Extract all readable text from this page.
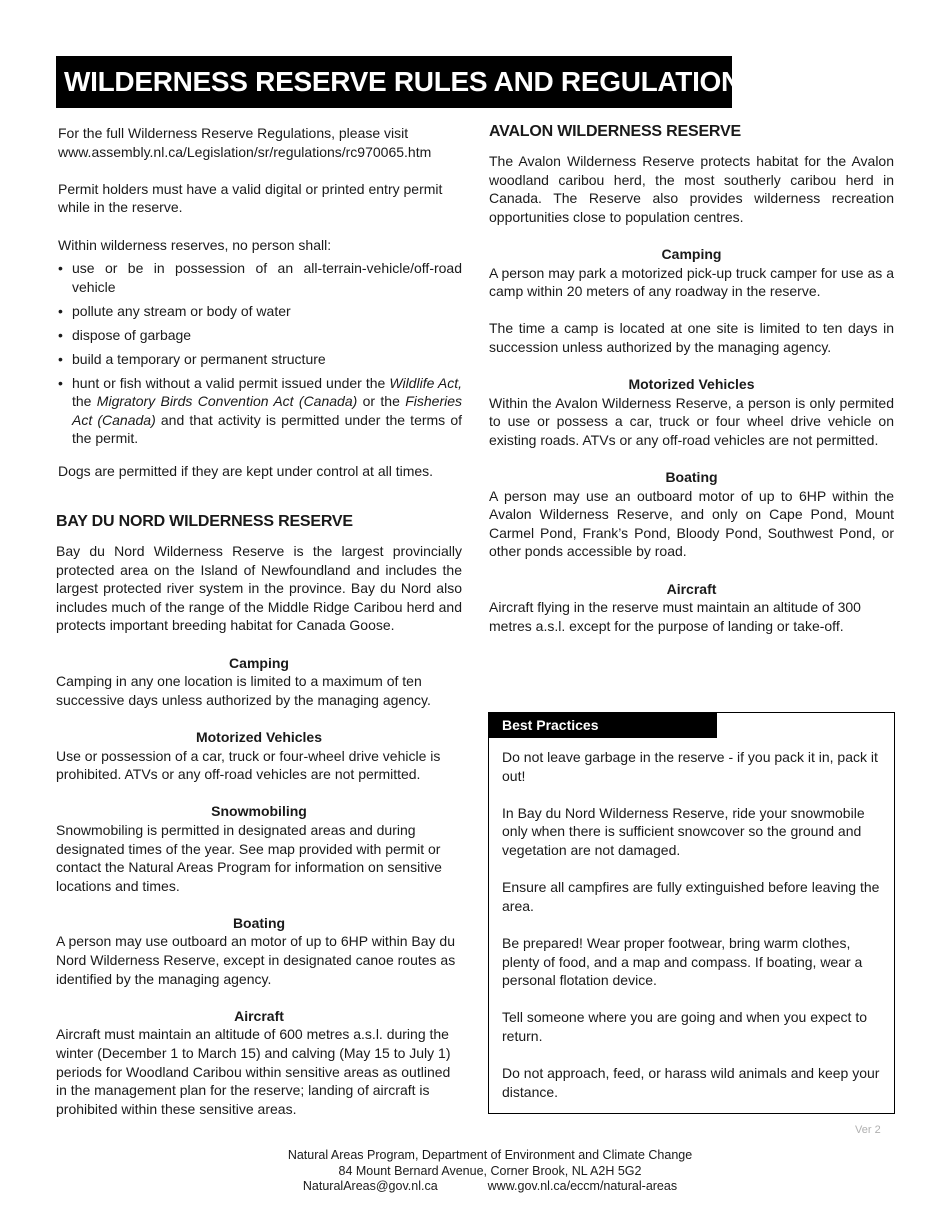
WILDERNESS RESERVE RULES AND REGULATIONS

For the full Wilderness Reserve Regulations, please visit
www.assembly.nl.ca/Legislation/sr/regulations/rc970065.htm

Permit holders must have a valid digital or printed entry permit while in the reserve.

Within wilderness reserves, no person shall:

• use or be in possession of an all-terrain-vehicle/off-road vehicle
• pollute any stream or body of water
• dispose of garbage
• build a temporary or permanent structure
• hunt or fish without a valid permit issued under the Wildlife Act, the Migratory Birds Convention Act (Canada) or the Fisheries Act (Canada) and that activity is permitted under the terms of the permit.

Dogs are permitted if they are kept under control at all times.

BAY DU NORD WILDERNESS RESERVE

Bay du Nord Wilderness Reserve is the largest provincially protected area on the Island of Newfoundland and includes the largest protected river system in the province. Bay du Nord also includes much of the range of the Middle Ridge Caribou herd and protects important breeding habitat for Canada Goose.

Camping

Camping in any one location is limited to a maximum of ten successive days unless authorized by the managing agency.

Motorized Vehicles

Use or possession of a car, truck or four-wheel drive vehicle is prohibited. ATVs or any off-road vehicles are not permitted.

Snowmobiling

Snowmobiling is permitted in designated areas and during designated times of the year. See map provided with permit or contact the Natural Areas Program for information on sensitive locations and times.

Boating

A person may use outboard an motor of up to 6HP within Bay du Nord Wilderness Reserve, except in designated canoe routes as identified by the managing agency.

Aircraft

Aircraft must maintain an altitude of 600 metres a.s.l. during the winter (December 1 to March 15) and calving (May 15 to July 1) periods for Woodland Caribou within sensitive areas as outlined in the management plan for the reserve; landing of aircraft is prohibited within these sensitive areas.

AVALON WILDERNESS RESERVE

The Avalon Wilderness Reserve protects habitat for the Avalon woodland caribou herd, the most southerly caribou herd in Canada. The Reserve also provides wilderness recreation opportunities close to population centres.

Camping

A person may park a motorized pick-up truck camper for use as a camp within 20 meters of any roadway in the reserve.

The time a camp is located at one site is limited to ten days in succession unless authorized by the managing agency.

Motorized Vehicles

Within the Avalon Wilderness Reserve, a person is only permited to use or possess a car, truck or four wheel drive vehicle on existing roads. ATVs or any off-road vehicles are not permitted.

Boating

A person may use an outboard motor of up to 6HP within the Avalon Wilderness Reserve, and only on Cape Pond, Mount Carmel Pond, Frank’s Pond, Bloody Pond, Southwest Pond, or other ponds accessible by road.

Aircraft

Aircraft flying in the reserve must maintain an altitude of 300 metres a.s.l. except for the purpose of landing or take-off.

Best Practices

Do not leave garbage in the reserve - if you pack it in, pack it out!

In Bay du Nord Wilderness Reserve, ride your snowmobile only when there is sufficient snowcover so the ground and vegetation are not damaged.

Ensure all campfires are fully extinguished before leaving the area.

Be prepared! Wear proper footwear, bring warm clothes, plenty of food, and a map and compass. If boating, wear a personal flotation device.

Tell someone where you are going and when you expect to return.

Do not approach, feed, or harass wild animals and keep your distance.

Ver 2
Natural Areas Program, Department of Environment and Climate Change
84 Mount Bernard Avenue, Corner Brook, NL A2H 5G2
NaturalAreas@gov.nl.ca	www.gov.nl.ca/eccm/natural-areas
